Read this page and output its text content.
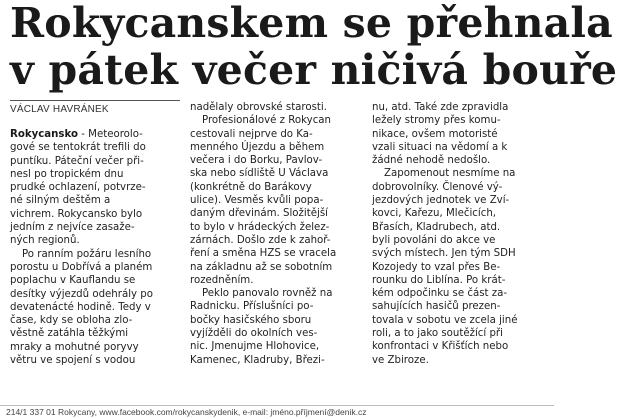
Rokycanskem se přehnala
v pátek večer ničivá bouře
VÁCLAV HAVRÁNEK
Rokycansko - Meteorolo-
gové se tentokrát trefili do
puntíku. Páteční večer při-
nesl po tropickém dnu
prudké ochlazení, potvrze-
né silným deštěm a
vichrem. Rokycansko bylo
jedním z nejvíce zasaže-
ných regionů.
Po ranním požáru lesního
porostu u Dobřívá a planém
poplachu v Kauflandu se
desítky výjezdů odehrály po
devatenácté hodině. Tedy v
čase, kdy se obloha zlo-
věstně zatáhla těžkými
mraky a mohutné poryvy
větru ve spojení s vodou
nadělaly obrovské starosti.
Profesionálové z Rokycan
cestovali nejprve do Ka-
menného Újezdu a během
večera i do Borku, Pavlov-
ska nebo sídliště U Václava
(konkrétně do Barákovy
ulice). Vesměs kvůli popa-
daným dřevinám. Složitější
to bylo v hrádeckých želez-
zárnách. Došlo zde k zahoř-
ření a směna HZS se vracela
na základnu až se sobotním
rozedněním.
Peklo panovalo rovněž na
Radnicku. Příslušníci po-
bočky hasičského sboru
vyjížděli do okolních ves-
nic. Jmenujme Hlohovice,
Kamenec, Kladruby, Březi-
nu, atd. Také zde zpravidla
ležely stromy přes komu-
nikace, ovšem motoristé
vzali situaci na vědomí a k
žádné nehodě nedošlo.
Zapomenout nesmíme na
dobrovolníky. Členové vý-
jezdových jednotek ve Zví-
kovci, Kařezu, Mlečicích,
Břasích, Kladrubech, atd.
byli povoláni do akce ve
svých místech. Jen tým SDH
Kozojedy to vzal přes Be-
rounku do Liblína. Po krát-
kém odpočinku se část za-
sahujících hasičů prezen-
tovala v sobotu ve zcela jiné
roli, a to jako soutěžící při
konfrontaci v Křišťích nebo
ve Zbiroze.
214/1 337 01 Rokycany, www.facebook.com/rokycanskydenik, e-mail: jméno.příjmení@denik.cz
